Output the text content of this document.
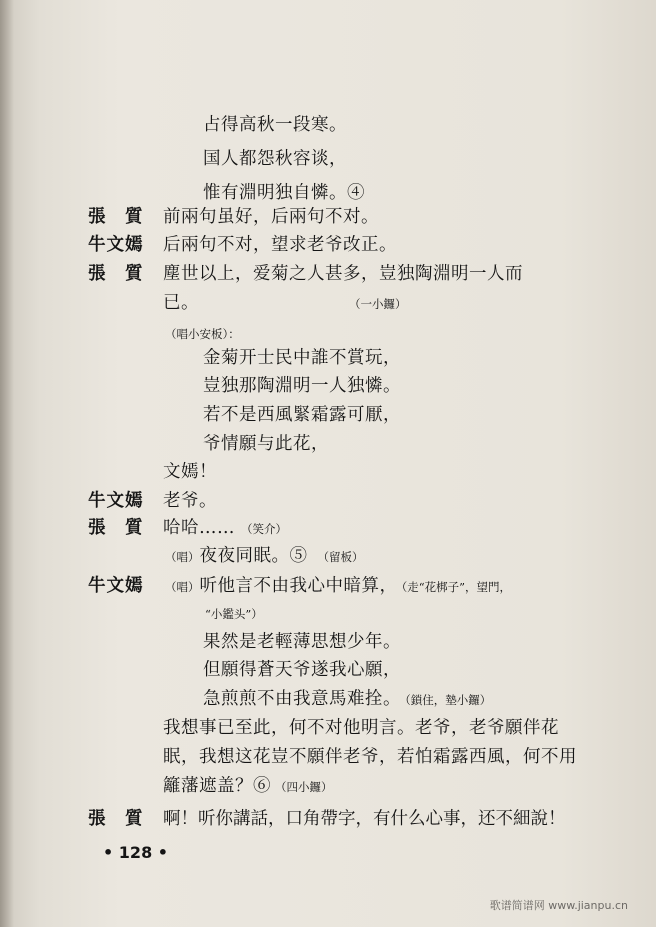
占得高秋一段寒。
国人都怨秋容谈，
惟有淵明独自憐。④
張　質 前兩句虽好，后兩句不对。
牛文嫣 后兩句不对，望求老爷改正。
張　質 塵世以上，爱菊之人甚多，豈独陶淵明一人而
已。	（一小鑼）
（唱小安板）：
金菊开士民中誰不賞玩，
豈独那陶淵明一人独憐。
若不是西風緊霜露可厭，
爷情願与此花，
文嫣！
牛文嫣 老爷。
張　質 哈哈…… （笑介）
（唱）夜夜同眠。⑤ （留板）
牛文嫣 （唱）听他言不由我心中暗算， （走“花梆子”，望門，
“小鑑头”）
果然是老輕薄思想少年。
但願得蒼天爷遂我心願，
急煎煎不由我意馬难拴。 （鎖住，墊小鑼）
我想事已至此，何不对他明言。老爷，老爷願伴花
眠，我想这花豈不願伴老爷，若怕霜露西風，何不用
籬藩遮盖？⑥ （四小鑼）
張　質 啊！听你講話，口角帶字，有什么心事，还不細說！
• 128 •
歌谱简谱网 www.jianpu.cn
